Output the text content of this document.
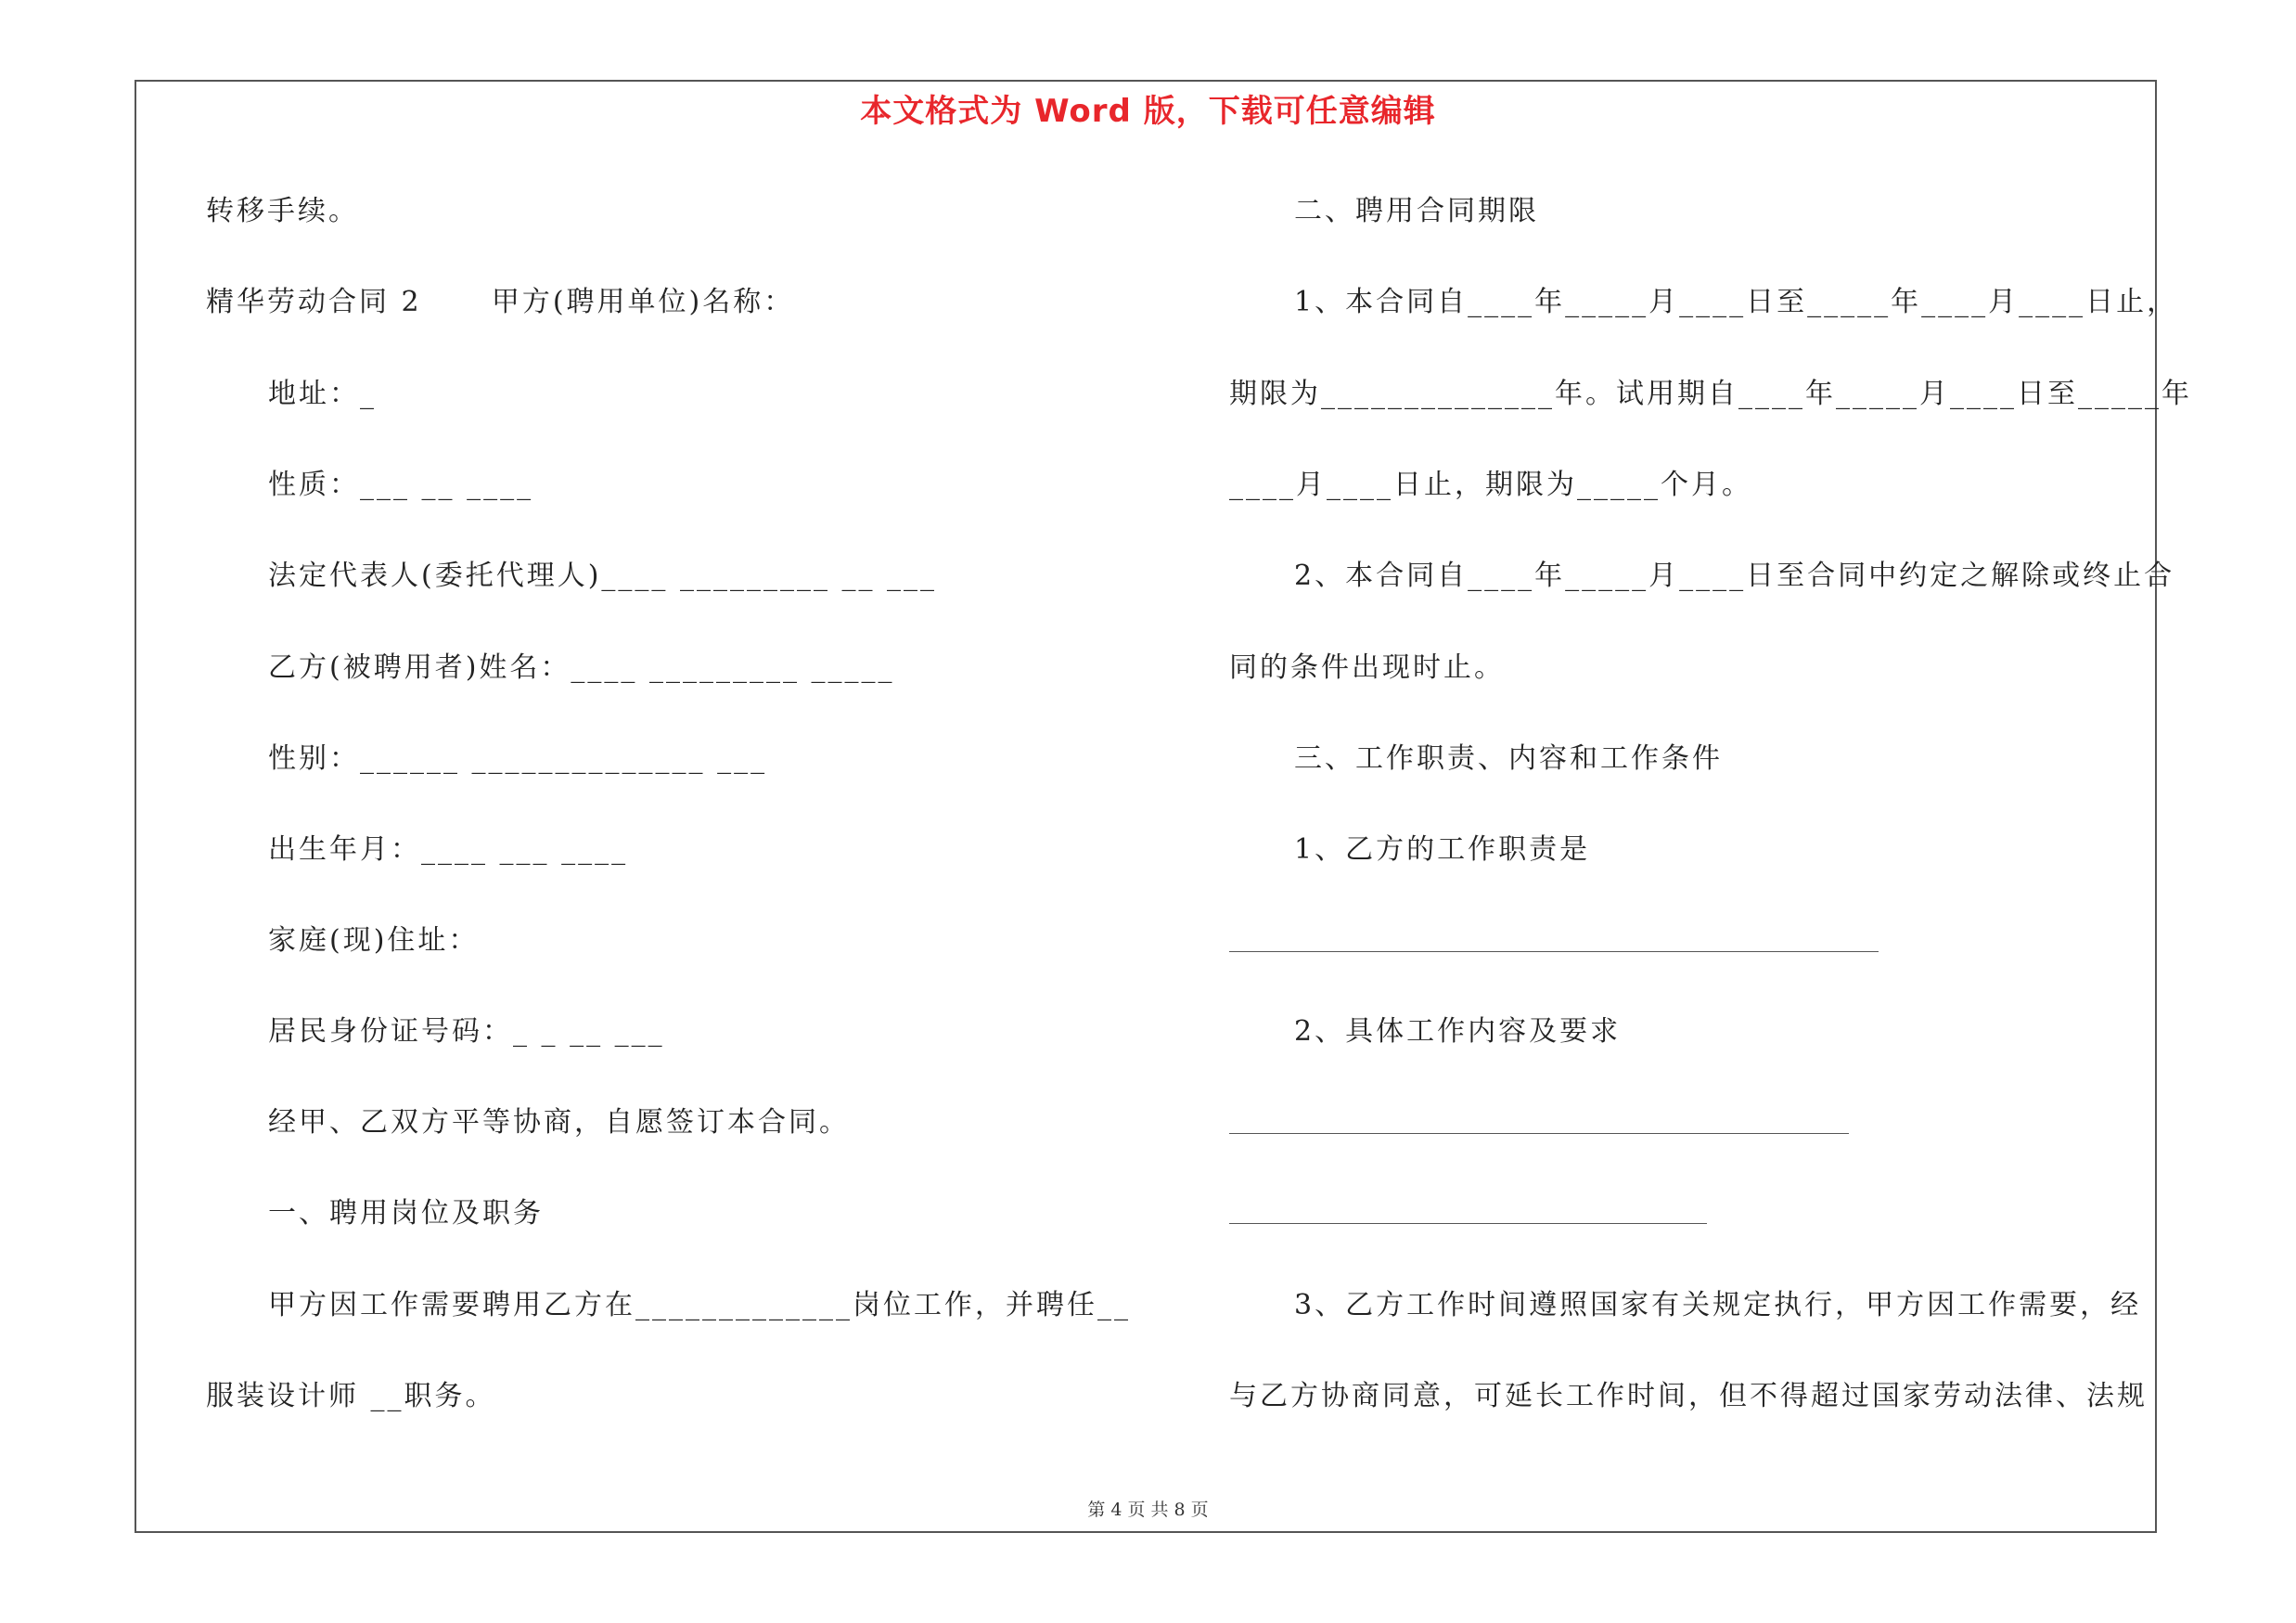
本文格式为 Word 版，下载可任意编辑
转移手续。
精华劳动合同 2      甲方(聘用单位)名称：
地址：_
性质：___ __ ____
法定代表人(委托代理人)____ _________ __ ___
乙方(被聘用者)姓名：____ _________ _____
性别：______ ______________ ___
出生年月：____ ___ ____
家庭(现)住址：
居民身份证号码：_ _ __ ___
经甲、乙双方平等协商，自愿签订本合同。
一、聘用岗位及职务
甲方因工作需要聘用乙方在_____________岗位工作，并聘任__
服装设计师 __职务。
二、聘用合同期限
1、本合同自____年_____月____日至_____年____月____日止，
期限为______________年。试用期自____年_____月____日至_____年
____月____日止，期限为_____个月。
2、本合同自____年_____月____日至合同中约定之解除或终止合
同的条件出现时止。
三、工作职责、内容和工作条件
1、乙方的工作职责是
2、具体工作内容及要求
3、乙方工作时间遵照国家有关规定执行，甲方因工作需要，经
与乙方协商同意，可延长工作时间，但不得超过国家劳动法律、法规
第 4 页 共 8 页
